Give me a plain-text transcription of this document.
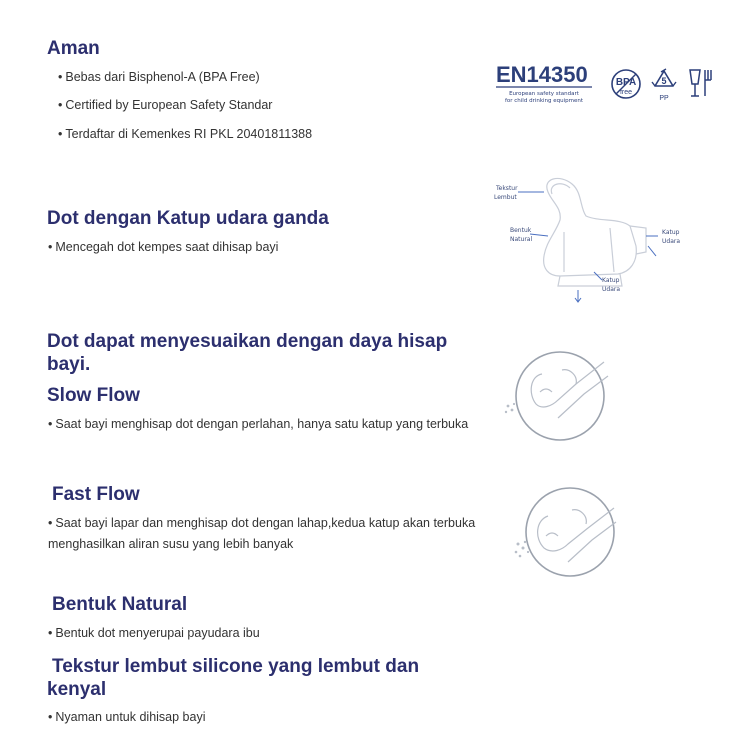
Aman
• Bebas dari Bisphenol-A (BPA Free)
• Certified by European Safety Standar
• Terdaftar di Kemenkes RI PKL 20401811388
EN14350
European safety standart
for child drinking equipment
BPA
free
5
PP
Dot dengan Katup udara ganda
• Mencegah dot kempes saat dihisap bayi
Tekstur
Lembut
Bentuk
Natural
Katup
Udara
Katup
Udara
Dot dapat menyesuaikan dengan daya hisap
bayi.
Slow Flow
• Saat bayi menghisap dot dengan perlahan, hanya satu katup yang terbuka
Fast Flow
• Saat bayi lapar dan menghisap dot dengan lahap,kedua katup akan terbuka
menghasilkan aliran susu yang lebih banyak
Bentuk Natural
• Bentuk dot menyerupai payudara ibu
Tekstur lembut silicone yang lembut dan
kenyal
• Nyaman untuk dihisap bayi
